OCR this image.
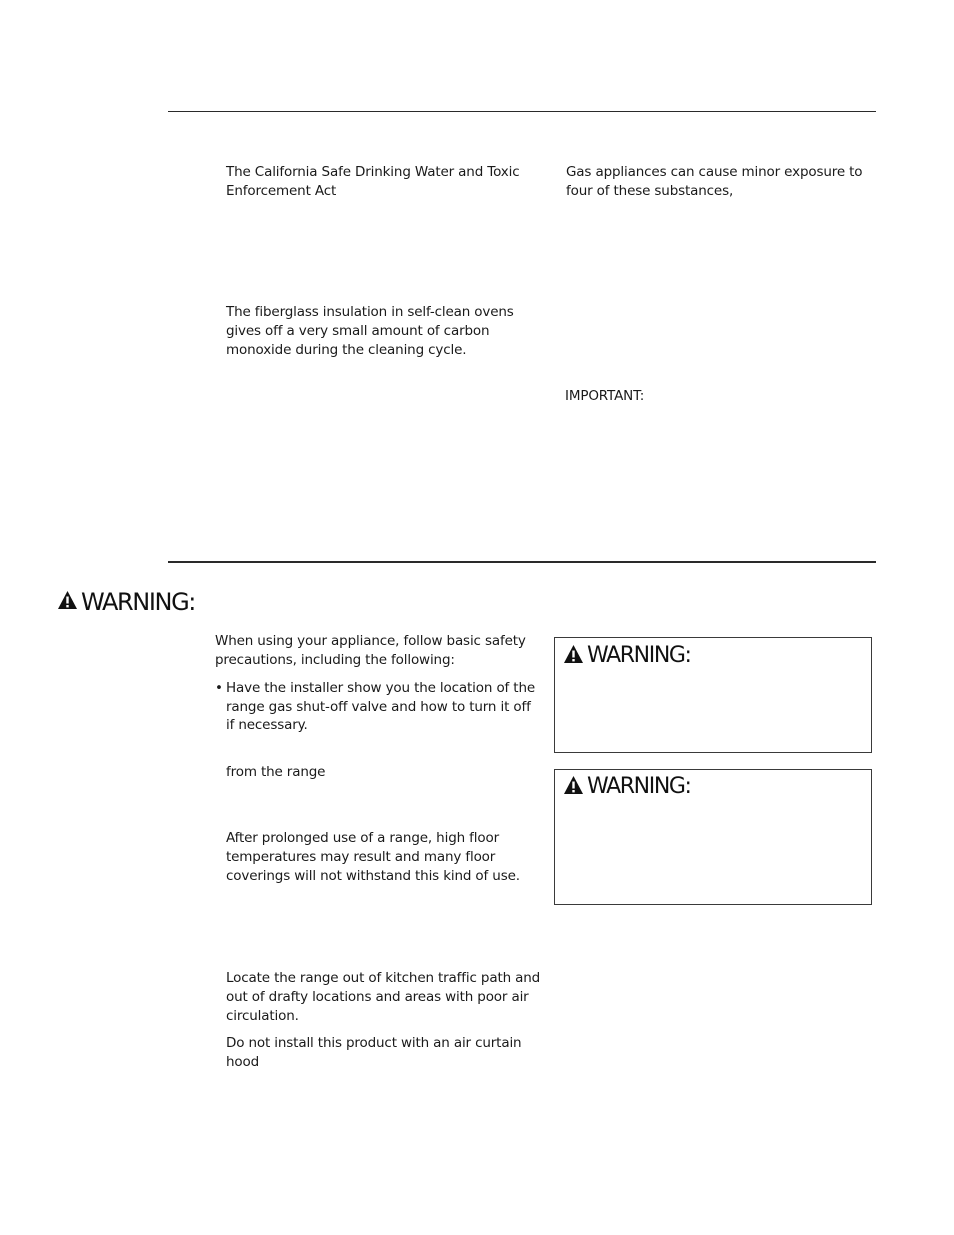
The California Safe Drinking Water and Toxic Enforcement Act

The fiberglass insulation in self-clean ovens gives off a very small amount of carbon monoxide during the cleaning cycle.

Gas appliances can cause minor exposure to four of these substances,

IMPORTANT:

WARNING:

When using your appliance, follow basic safety precautions, including the following:

• Have the installer show you the location of the range gas shut-off valve and how to turn it off if necessary.

from the range

After prolonged use of a range, high floor temperatures may result and many floor coverings will not withstand this kind of use.

Locate the range out of kitchen traffic path and out of drafty locations and areas with poor air circulation.

Do not install this product with an air curtain hood

WARNING:
WARNING:
